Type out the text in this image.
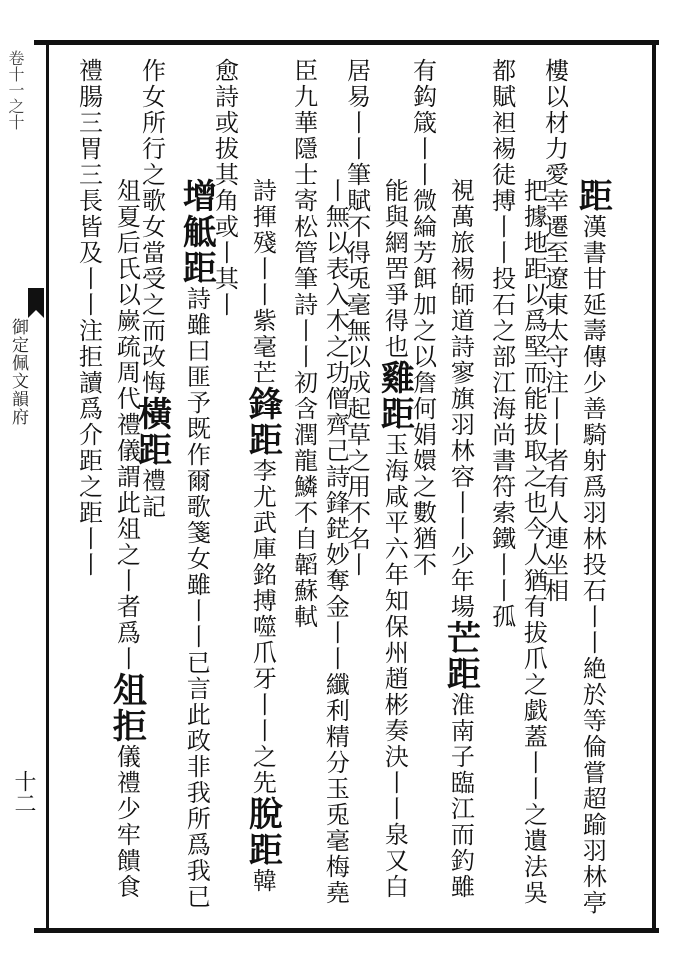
卷十一之十
御定佩文韻府
十二

距漢書甘延壽傳少善騎射爲羽林投石丨丨絶於等倫嘗超踰羽林亭樓以材力愛幸遷至遼東太守注丨丨者有人連坐相

把據地距以爲堅而能拔取之也今人猶有拔爪之戯蓋丨丨之遺法吳都賦袒裼徒搏丨丨投石之部江海尚書符索鐵丨丨孤

視萬旅裼師道詩寥旗羽林容丨丨少年場芒距淮南子臨江而釣雖有鈎箴丨丨微綸芳餌加之以詹何娟嬛之數猶不

能與網罟爭得也雞距玉海咸平六年知保州趙彬奏決丨丨泉又白居易丨丨筆賦不得兎毫無以成起草之用不名丨

丨無以表入木之功僧齊己詩鋒鋩妙奪金丨丨纖利精分玉兎毫梅堯臣九華隱士寄松管筆詩丨丨初含潤龍鱗不自韜蘇軾

詩揮殘丨丨紫毫芒鋒距李尤武庫銘搏噬爪牙丨丨之先脫距韓愈詩或拔其角或丨其丨

增觝距詩雖曰匪予既作爾歌箋女雖丨丨已言此政非我所爲我已作女所行之歌女當受之而改悔橫距禮記

俎夏后氏以嶡疏周代禮儀謂此俎之丨者爲丨俎拒儀禮少牢饋食禮腸三胃三長皆及丨丨注拒讀爲介距之距丨丨
